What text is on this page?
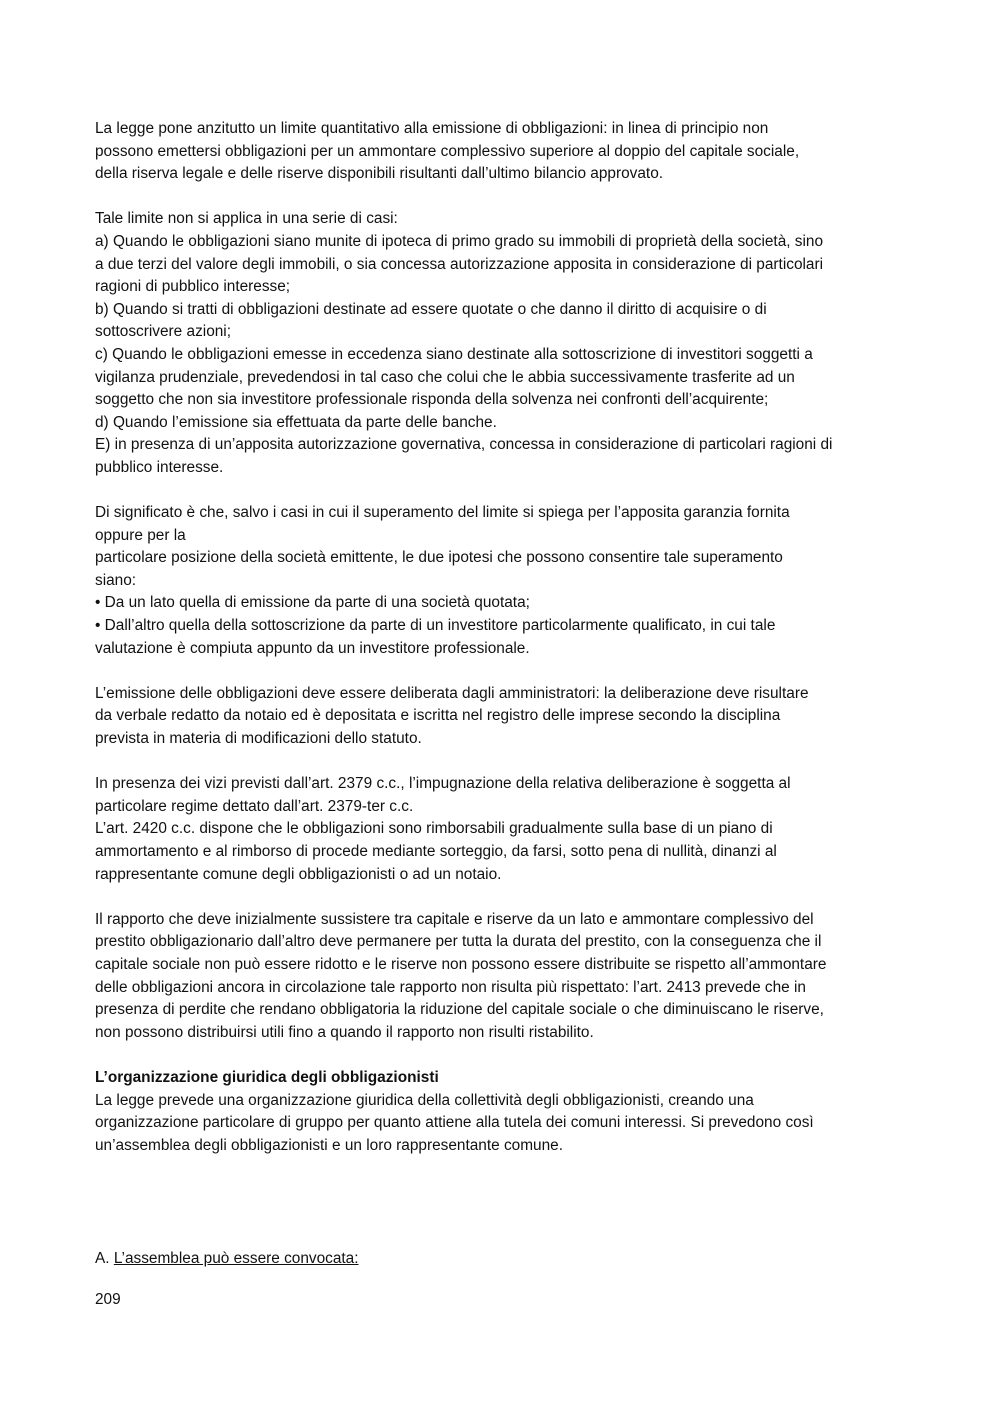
La legge pone anzitutto un limite quantitativo alla emissione di obbligazioni: in linea di principio non
possono emettersi obbligazioni per un ammontare complessivo superiore al doppio del capitale sociale,
della riserva legale e delle riserve disponibili risultanti dall’ultimo bilancio approvato.

Tale limite non si applica in una serie di casi:
a) Quando le obbligazioni siano munite di ipoteca di primo grado su immobili di proprietà della società, sino
a due terzi del valore degli immobili, o sia concessa autorizzazione apposita in considerazione di particolari
ragioni di pubblico interesse;
b) Quando si tratti di obbligazioni destinate ad essere quotate o che danno il diritto di acquisire o di
sottoscrivere azioni;
c) Quando le obbligazioni emesse in eccedenza siano destinate alla sottoscrizione di investitori soggetti a
vigilanza prudenziale, prevedendosi in tal caso che colui che le abbia successivamente trasferite ad un
soggetto che non sia investitore professionale risponda della solvenza nei confronti dell’acquirente;
d) Quando l’emissione sia effettuata da parte delle banche.
E) in presenza di un’apposita autorizzazione governativa, concessa in considerazione di particolari ragioni di
pubblico interesse.

Di significato è che, salvo i casi in cui il superamento del limite si spiega per l’apposita garanzia fornita
oppure per la
particolare posizione della società emittente, le due ipotesi che possono consentire tale superamento
siano:
• Da un lato quella di emissione da parte di una società quotata;
• Dall’altro quella della sottoscrizione da parte di un investitore particolarmente qualificato, in cui tale
valutazione è compiuta appunto da un investitore professionale.

L’emissione delle obbligazioni deve essere deliberata dagli amministratori: la deliberazione deve risultare
da verbale redatto da notaio ed è depositata e iscritta nel registro delle imprese secondo la disciplina
prevista in materia di modificazioni dello statuto.

In presenza dei vizi previsti dall’art. 2379 c.c., l’impugnazione della relativa deliberazione è soggetta al
particolare regime dettato dall’art. 2379-ter c.c.
L’art. 2420 c.c. dispone che le obbligazioni sono rimborsabili gradualmente sulla base di un piano di
ammortamento e al rimborso di procede mediante sorteggio, da farsi, sotto pena di nullità, dinanzi al
rappresentante comune degli obbligazionisti o ad un notaio.

Il rapporto che deve inizialmente sussistere tra capitale e riserve da un lato e ammontare complessivo del
prestito obbligazionario dall’altro deve permanere per tutta la durata del prestito, con la conseguenza che il
capitale sociale non può essere ridotto e le riserve non possono essere distribuite se rispetto all’ammontare
delle obbligazioni ancora in circolazione tale rapporto non risulta più rispettato: l’art. 2413 prevede che in
presenza di perdite che rendano obbligatoria la riduzione del capitale sociale o che diminuiscano le riserve,
non possono distribuirsi utili fino a quando il rapporto non risulti ristabilito.

L’organizzazione giuridica degli obbligazionisti
La legge prevede una organizzazione giuridica della collettività degli obbligazionisti, creando una
organizzazione particolare di gruppo per quanto attiene alla tutela dei comuni interessi. Si prevedono così
un’assemblea degli obbligazionisti e un loro rappresentante comune.

A. L’assemblea può essere convocata:

209
